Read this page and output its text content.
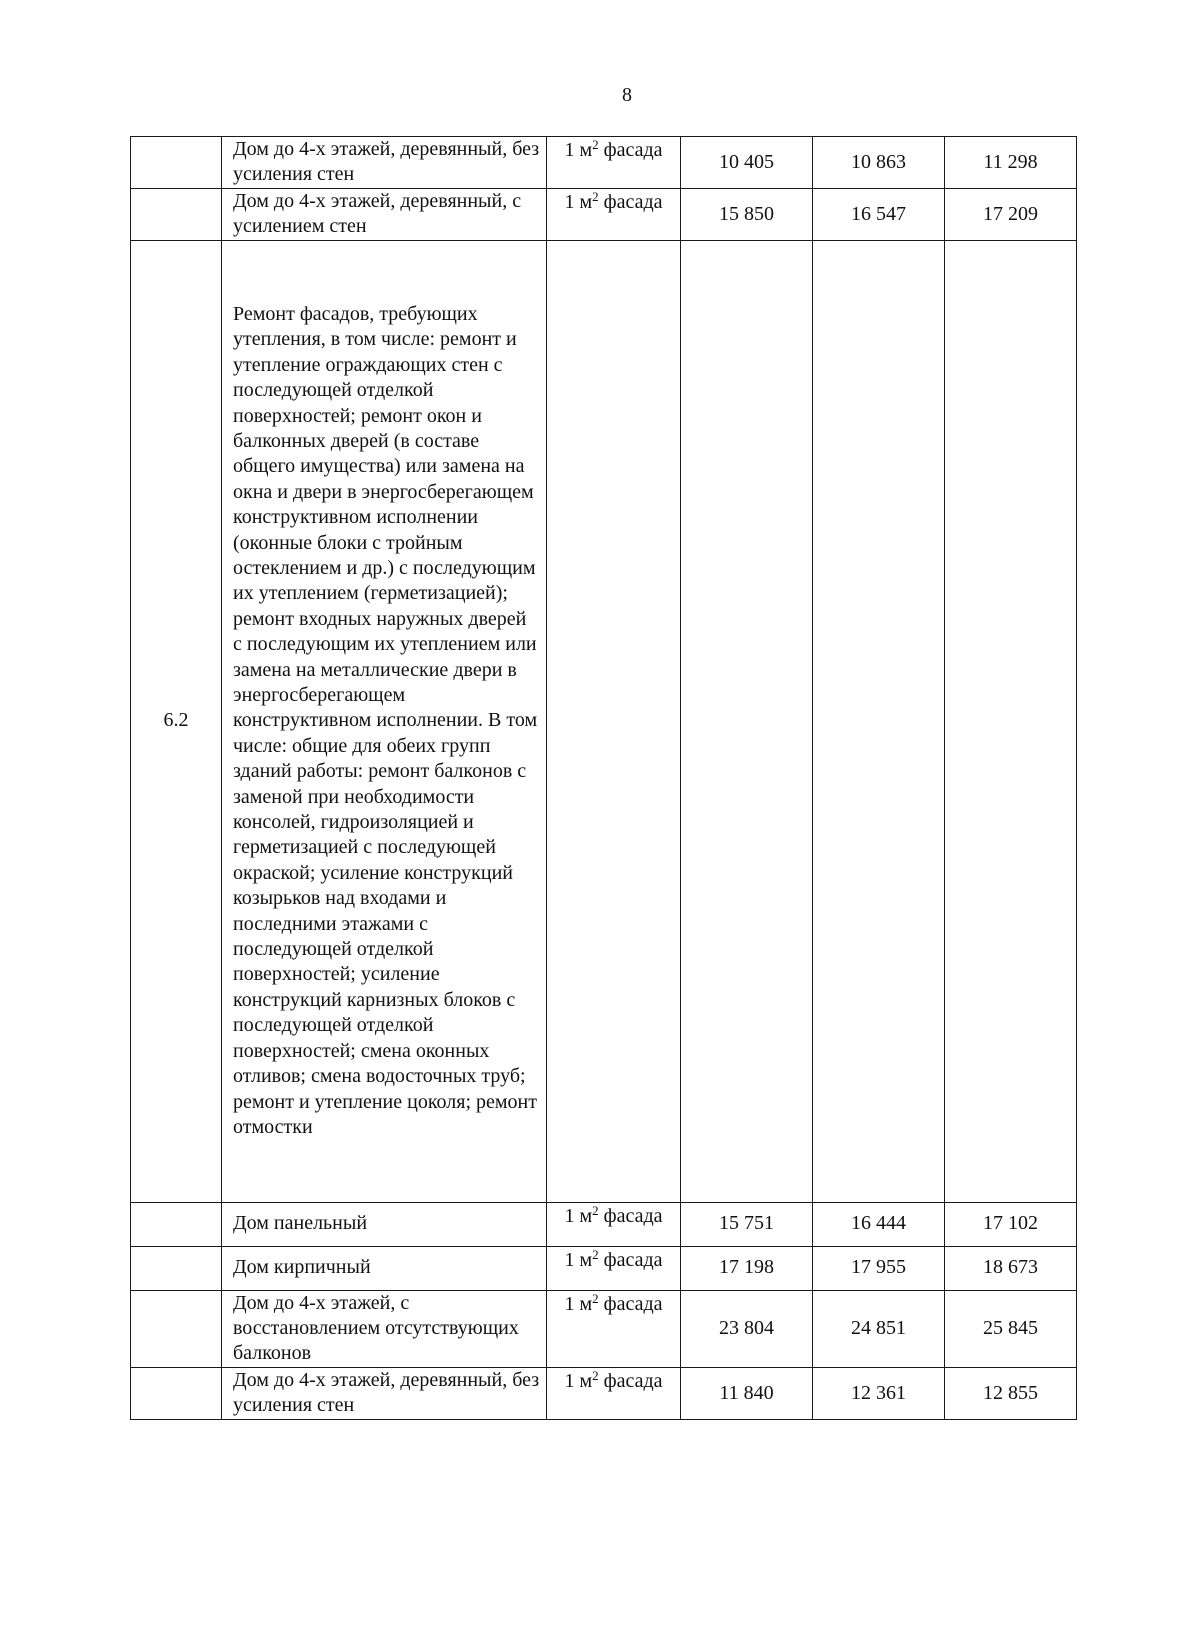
8
	Дом до 4-х этажей, деревянный, без усиления стен	1 $м^2$ фасада	10 405	10 863	11 298
	Дом до 4-х этажей, деревянный, с усилением стен	1 $м^2$ фасада	15 850	16 547	17 209
6.2	Ремонт фасадов, требующих утепления, в том числе: ремонт и утепление ограждающих стен с последующей отделкой поверхностей; ремонт окон и балконных дверей (в составе общего имущества) или замена на окна и двери в энергосберегающем конструктивном исполнении (оконные блоки с тройным остеклением и др.) с последующим их утеплением (герметизацией); ремонт входных наружных дверей с последующим их утеплением или замена на металлические двери в энергосберегающем конструктивном исполнении. В том числе: общие для обеих групп зданий работы: ремонт балконов с заменой при необходимости консолей, гидроизоляцией и герметизацией с последующей окраской; усиление конструкций козырьков над входами и последними этажами с последующей отделкой поверхностей; усиление конструкций карнизных блоков с последующей отделкой поверхностей; смена оконных отливов; смена водосточных труб; ремонт и утепление цоколя; ремонт отмостки				
	Дом панельный	1 $м^2$ фасада	15 751	16 444	17 102
	Дом кирпичный	1 $м^2$ фасада	17 198	17 955	18 673
	Дом до 4-х этажей, с восстановлением отсутствующих балконов	1 $м^2$ фасада	23 804	24 851	25 845
	Дом до 4-х этажей, деревянный, без усиления стен	1 $м^2$ фасада	11 840	12 361	12 855
